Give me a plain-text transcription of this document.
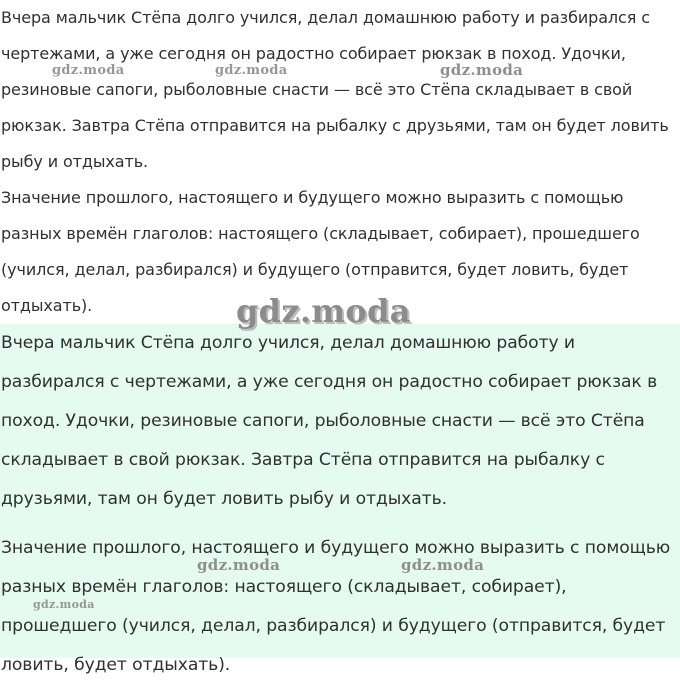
Вчера мальчик Стёпа долго учился, делал домашнюю работу и разбирался с чертежами, а уже сегодня он радостно собирает рюкзак в поход. Удочки, резиновые сапоги, рыболовные снасти — всё это Стёпа складывает в свой рюкзак. Завтра Стёпа отправится на рыбалку с друзьями, там он будет ловить рыбу и отдыхать.

Значение прошлого, настоящего и будущего можно выразить с помощью разных времён глаголов: настоящего (складывает, собирает), прошедшего (учился, делал, разбирался) и будущего (отправится, будет ловить, будет отдыхать).

Вчера мальчик Стёпа долго учился, делал домашнюю работу и разбирался с чертежами, а уже сегодня он радостно собирает рюкзак в поход. Удочки, резиновые сапоги, рыболовные снасти — всё это Стёпа складывает в свой рюкзак. Завтра Стёпа отправится на рыбалку с друзьями, там он будет ловить рыбу и отдыхать.

Значение прошлого, настоящего и будущего можно выразить с помощью разных времён глаголов: настоящего (складывает, собирает), прошедшего (учился, делал, разбирался) и будущего (отправится, будет ловить, будет отдыхать).

gdz.moda	gdz.moda	gdz.moda
gdz.moda
gdz.moda	gdz.moda
gdz.moda
